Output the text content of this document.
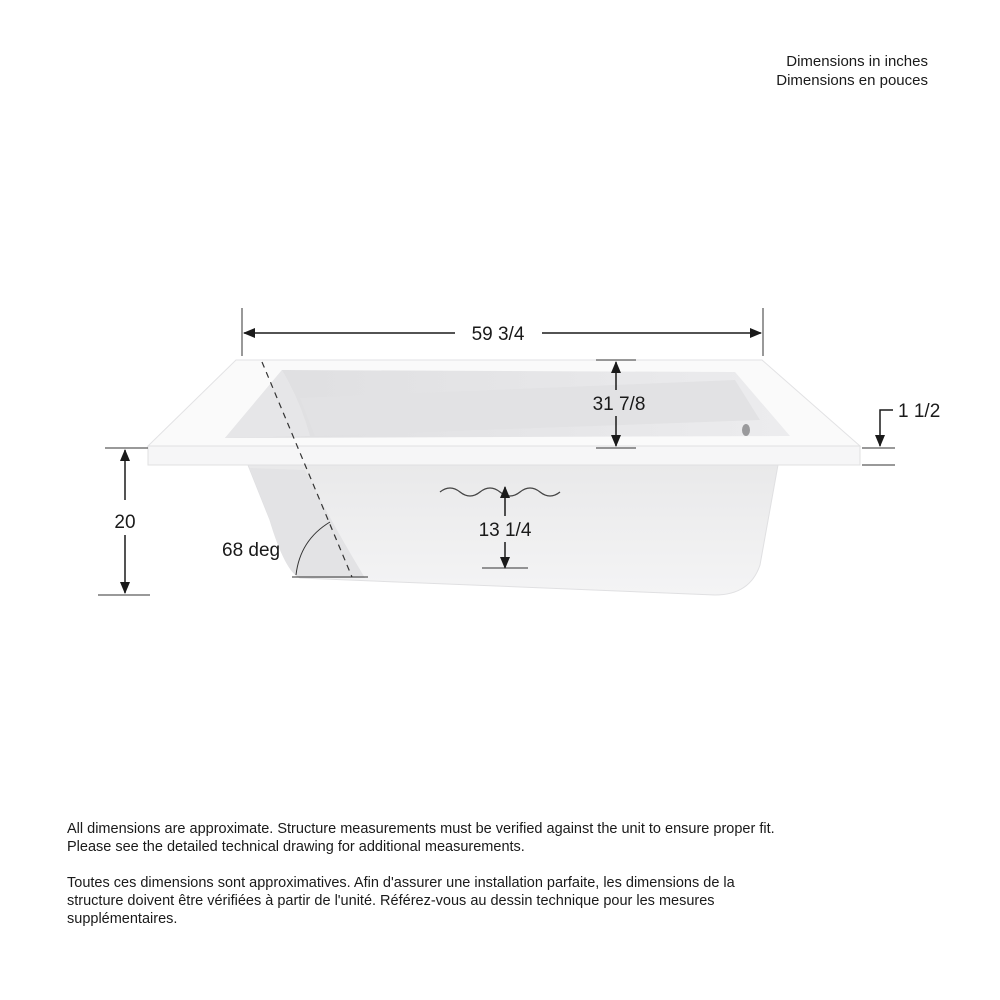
Dimensions in inches
Dimensions en pouces
59 3/4
31 7/8	1 1/2
20	13 1/4
68 deg

All dimensions are approximate. Structure measurements must be verified against the unit to ensure proper fit. Please see the detailed technical drawing for additional measurements.

Toutes ces dimensions sont approximatives. Afin d'assurer une installation parfaite, les dimensions de la structure doivent être vérifiées à partir de l'unité. Référez-vous au dessin technique pour les mesures supplémentaires.
